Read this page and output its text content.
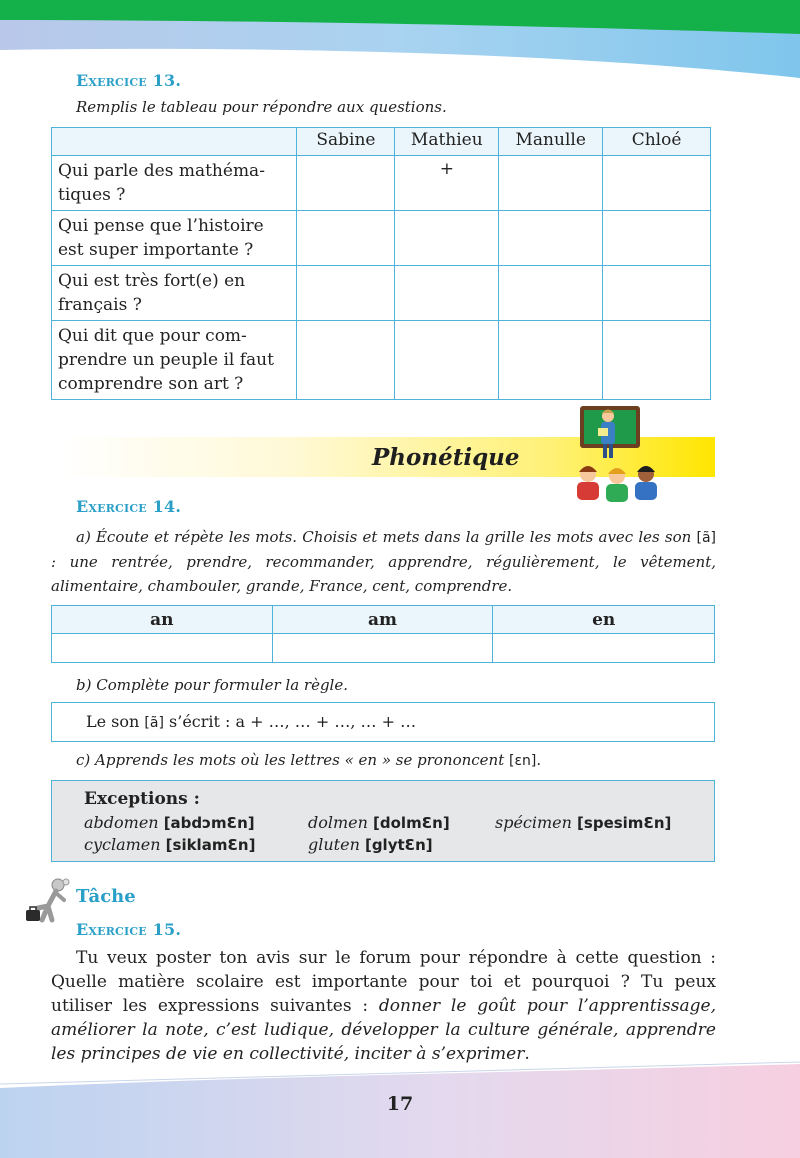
Exercice 13.
Remplis le tableau pour répondre aux questions.
	Sabine	Mathieu	Manulle	Chloé

Qui parle des mathéma-
tiques ?		+		

Qui pense que l’histoire
est super importante ?				

Qui est très fort(e) en
français ?				

Qui dit que pour com-
prendre un peuple il faut
comprendre son art ?				

Phonétique
Exercice 14.
a) Écoute et répète les mots. Choisis et mets dans la grille les mots avec les son [ã] : une rentrée, prendre, recommander, apprendre, régulièrement, le vêtement, alimentaire, chambouler, grande, France, cent, comprendre.
an	am	en

b) Complète pour formuler la règle.
Le son [ã] s’écrit : a + …, … + …, … + …
c) Apprends les mots où les lettres « en » se prononcent [ɛn].
Exceptions :
abdomen [abdɔmƐn]	dolmen [dolmƐn]	spécimen [spesimƐn]
cyclamen [siklamƐn]	gluten [glytƐn]
Tâche
Exercice 15.
Tu veux poster ton avis sur le forum pour répondre à cette question : Quelle matière scolaire est importante pour toi et pourquoi ? Tu peux utiliser les expressions suivantes : donner le goût pour l’apprentissage, améliorer la note, c’est ludique, développer la culture générale, apprendre les principes de vie en collectivité, inciter à s’exprimer.
17
